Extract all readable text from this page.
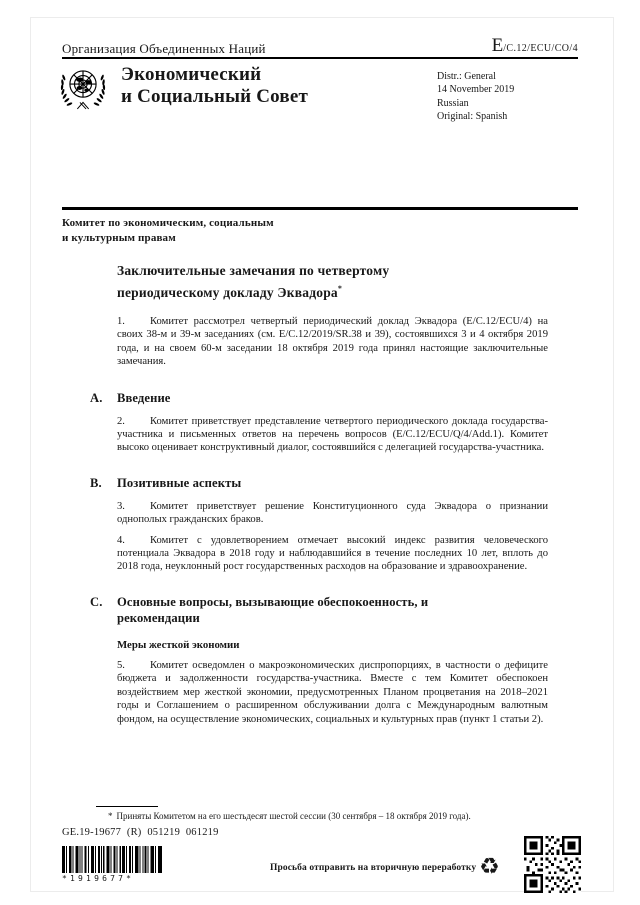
Организация Объединенных Наций	E/C.12/ECU/CO/4
Экономический
и Социальный Совет
Distr.: General
14 November 2019
Russian
Original: Spanish
Комитет по экономическим, социальным
и культурным правам
Заключительные замечания по четвертому
периодическому докладу Эквадора*

1. Комитет рассмотрел четвертый периодический доклад Эквадора (E/C.12/ECU/4) на своих 38-м и 39-м заседаниях (см. E/C.12/2019/SR.38 и 39), состоявшихся 3 и 4 октября 2019 года, и на своем 60-м заседании 18 октября 2019 года принял настоящие заключительные замечания.

A. Введение

2. Комитет приветствует представление четвертого периодического доклада государства-участника и письменных ответов на перечень вопросов (E/C.12/ECU/Q/4/Add.1). Комитет высоко оценивает конструктивный диалог, состоявшийся с делегацией государства-участника.

B. Позитивные аспекты

3. Комитет приветствует решение Конституционного суда Эквадора о признании однополых гражданских браков.

4. Комитет с удовлетворением отмечает высокий индекс развития человеческого потенциала Эквадора в 2018 году и наблюдавшийся в течение последних 10 лет, вплоть до 2018 года, неуклонный рост государственных расходов на образование и здравоохранение.

C. Основные вопросы, вызывающие обеспокоенность, и рекомендации
Меры жесткой экономии

5. Комитет осведомлен о макроэкономических диспропорциях, в частности о дефиците бюджета и задолженности государства-участника. Вместе с тем Комитет обеспокоен воздействием мер жесткой экономии, предусмотренных Планом процветания на 2018–2021 годы и Соглашением о расширенном обслуживании долга с Международным валютным фондом, на осуществление экономических, социальных и культурных прав (пункт 1 статьи 2).

* Приняты Комитетом на его шестьдесят шестой сессии (30 сентября – 18 октября 2019 года).
GE.19-19677 (R) 051219 061219
*1919677*
Просьба отправить на вторичную переработку ♻
